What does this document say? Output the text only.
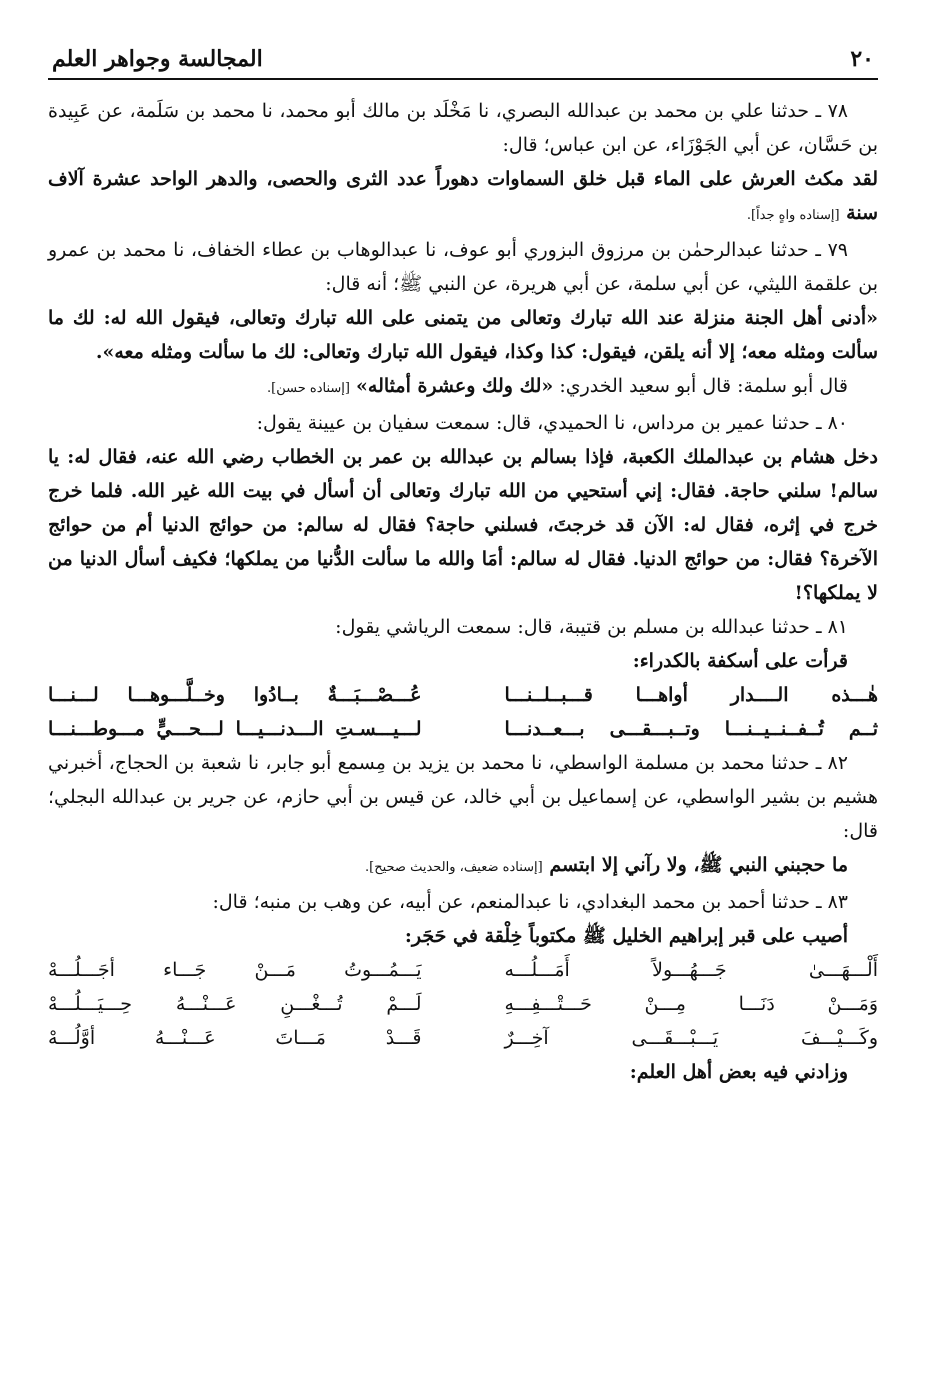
٢٠
المجالسة وجواهر العلم

٧٨ ـ حدثنا علي بن محمد بن عبدالله البصري، نا مَخْلَد بن مالك أبو محمد، نا محمد بن سَلَمة، عن عَبِيدة بن حَسَّان، عن أبي الجَوْزَاء، عن ابن عباس؛ قال:

لقد مكث العرش على الماء قبل خلق السماوات دهوراً عدد الثرى والحصى، والدهر الواحد عشرة آلاف سنة [إسناده واهٍ جداً].

٧٩ ـ حدثنا عبدالرحمٰن بن مرزوق البزوري أبو عوف، نا عبدالوهاب بن عطاء الخفاف، نا محمد بن عمرو بن علقمة الليثي، عن أبي سلمة، عن أبي هريرة، عن النبي ﷺ؛ أنه قال:

«أدنى أهل الجنة منزلة عند الله تبارك وتعالى من يتمنى على الله تبارك وتعالى، فيقول الله له: لك ما سألت ومثله معه؛ إلا أنه يلقن، فيقول: كذا وكذا، فيقول الله تبارك وتعالى: لك ما سألت ومثله معه».

قال أبو سلمة: قال أبو سعيد الخدري: «لك ولك وعشرة أمثاله» [إسناده حسن].

٨٠ ـ حدثنا عمير بن مرداس، نا الحميدي، قال: سمعت سفيان بن عيينة يقول:

دخل هشام بن عبدالملك الكعبة، فإذا بسالم بن عبدالله بن عمر بن الخطاب رضي الله عنه، فقال له: يا سالم! سلني حاجة. فقال: إني أستحيي من الله تبارك وتعالى أن أسأل في بيت الله غير الله. فلما خرج خرج في إثره، فقال له: الآن قد خرجتَ، فسلني حاجة؟ فقال له سالم: من حوائج الدنيا أم من حوائج الآخرة؟ فقال: من حوائج الدنيا. فقال له سالم: أمَا والله ما سألت الدُّنيا من يملكها؛ فكيف أسأل الدنيا من لا يملكها؟!

٨١ ـ حدثنا عبدالله بن مسلم بن قتيبة، قال: سمعت الرياشي يقول:

قرأت على أسكفة بالكدراء:

هٰـــذه الــــدار أواهـــا قـــبــلــنـــا
عُـــصْـــبَـــةٌ بــادُوا وخــلَّـــوهـــا لـــنـــا
ثــم تُــفــنــيــنـــا وتــبـــقـــى بـــعــدنـــا
لـــيـــسـتِ الـــدنـــيـــا لـــحـــيٍّ مـــوطـــنـــا

٨٢ ـ حدثنا محمد بن مسلمة الواسطي، نا محمد بن يزيد بن مِسمع أبو جابر، نا شعبة بن الحجاج، أخبرني هشيم بن بشير الواسطي، عن إسماعيل بن أبي خالد، عن قيس بن أبي حازم، عن جرير بن عبدالله البجلي؛ قال:

ما حجبني النبي ﷺ، ولا رآني إلا ابتسم [إسناده ضعيف، والحديث صحيح].

٨٣ ـ حدثنا أحمد بن محمد البغدادي، نا عبدالمنعم، عن أبيه، عن وهب بن منبه؛ قال:

أصيب على قبر إبراهيم الخليل ﷺ مكتوباً خِلْقة في حَجَر:

أَلْـــهَـــىٰ جَـــهُـــولاً أَمَـــلُـــه
يَـــمُـــوتُ مَـــنْ جَـــاء أجَـــلُـــهْ
وَمَـــنْ دَنَـــا مِـــنْ حَـــتْـــفِـــهِ
لَـــمْ تُـــغْـــنِ عَـــنْـــهُ حِـــيَـــلُـــهْ
وكَـــيْـــفَ يَـــبْـــقَـــى آخِـــرٌ
قَـــدْ مَـــاتَ عَـــنْـــهُ أوَّلُـــهْ

وزادني فيه بعض أهل العلم:
